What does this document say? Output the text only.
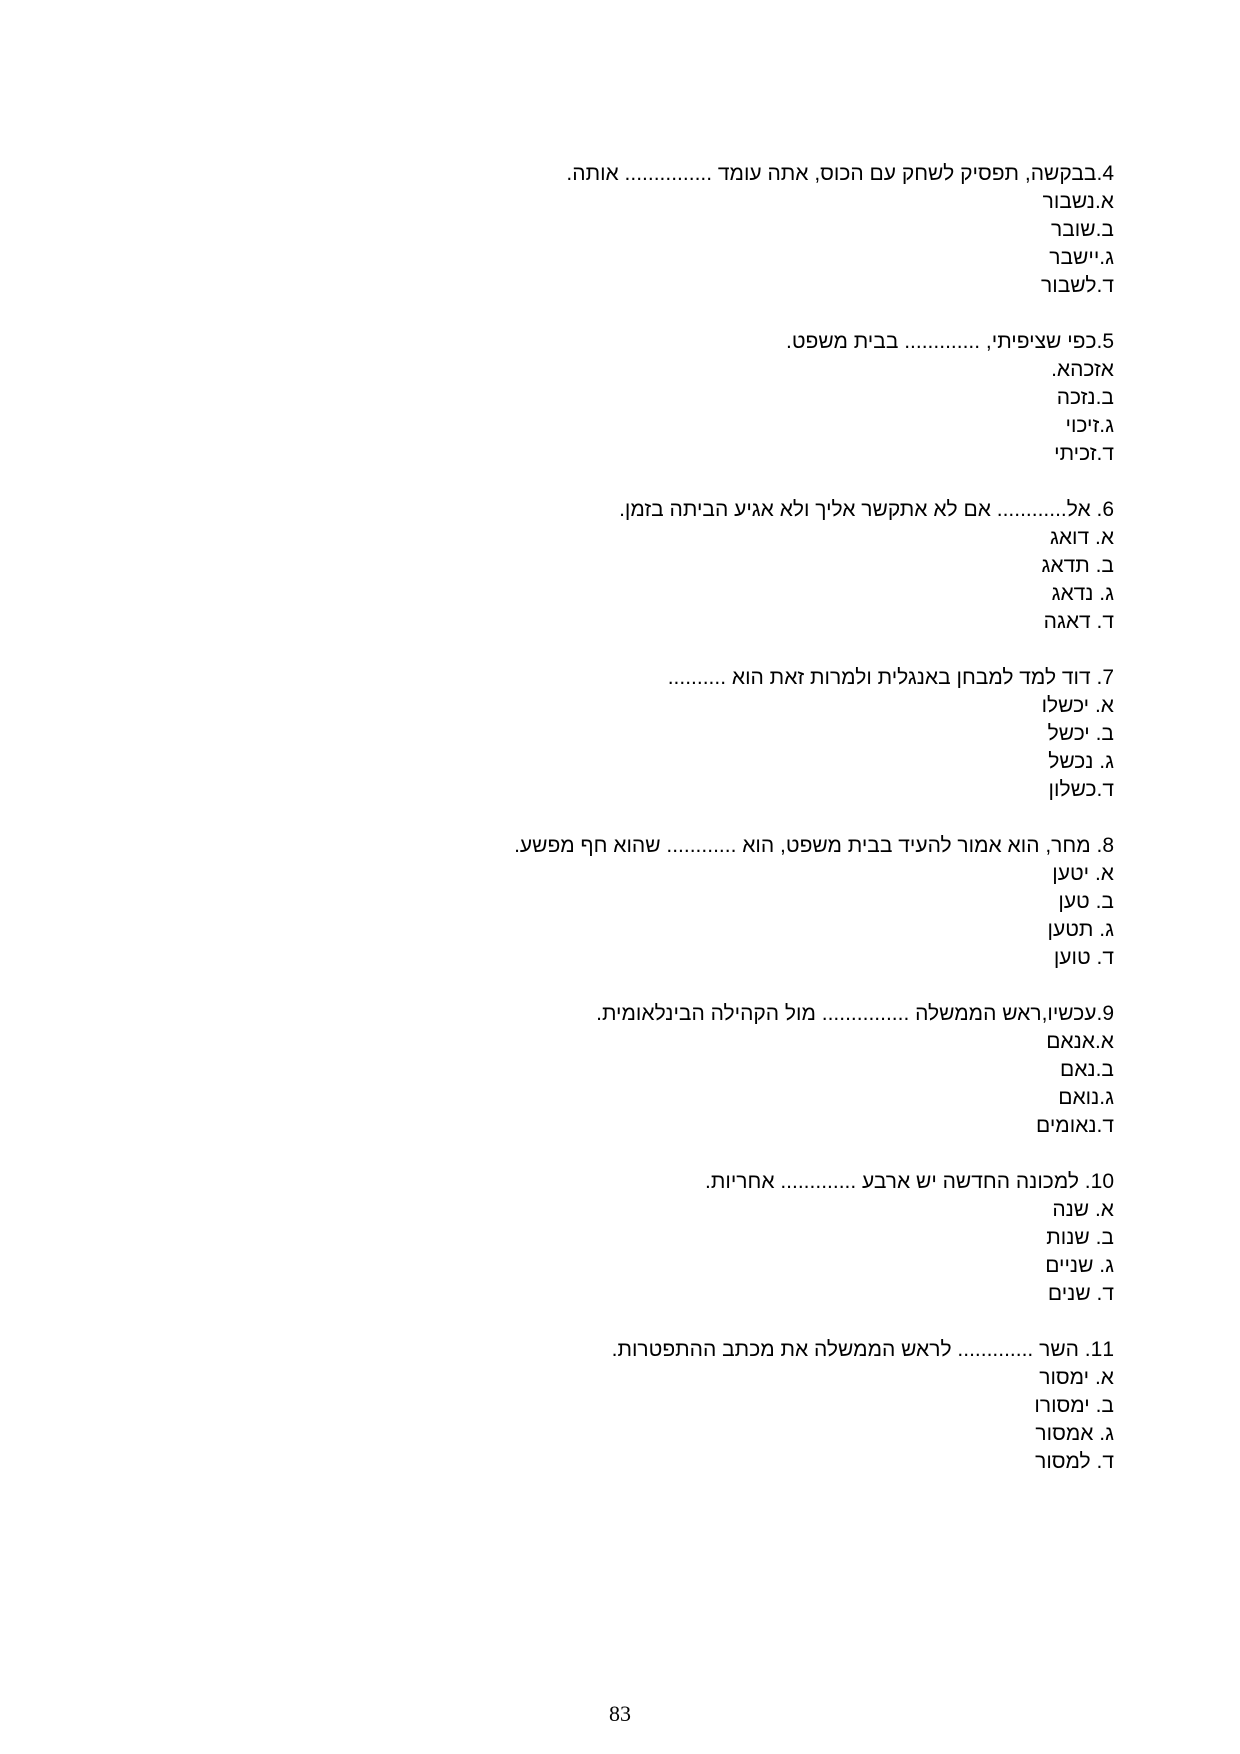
4.בבקשה, תפסיק לשחק עם הכוס, אתה עומד ............... אותה.

א.נשבור
ב.שובר
ג.יישבר
ד.לשבור

5.כפי שציפיתי, ............. בבית משפט.

אזכהא.
ב.נזכה
ג.זיכוי
ד.זכיתי

6. אל............ אם לא אתקשר אליך ולא אגיע הביתה בזמן.

א. דואג
ב. תדאג
ג. נדאג
ד. דאגה

7. דוד למד למבחן באנגלית ולמרות זאת הוא ..........

א. יכשלו
ב. יכשל
ג. נכשל
ד.כשלון

8. מחר, הוא אמור להעיד בבית משפט, הוא ............ שהוא חף מפשע.

א. יטען
ב. טען
ג. תטען
ד. טוען

9.עכשיו,ראש הממשלה ............... מול הקהילה הבינלאומית.

א.אנאם
ב.נאם
ג.נואם
ד.נאומים

10. למכונה החדשה יש ארבע ............. אחריות.

א. שנה
ב. שנות
ג. שניים
ד. שנים

11. השר ............. לראש הממשלה את מכתב ההתפטרות.

א. ימסור
ב. ימסורו
ג. אמסור
ד. למסור
83
